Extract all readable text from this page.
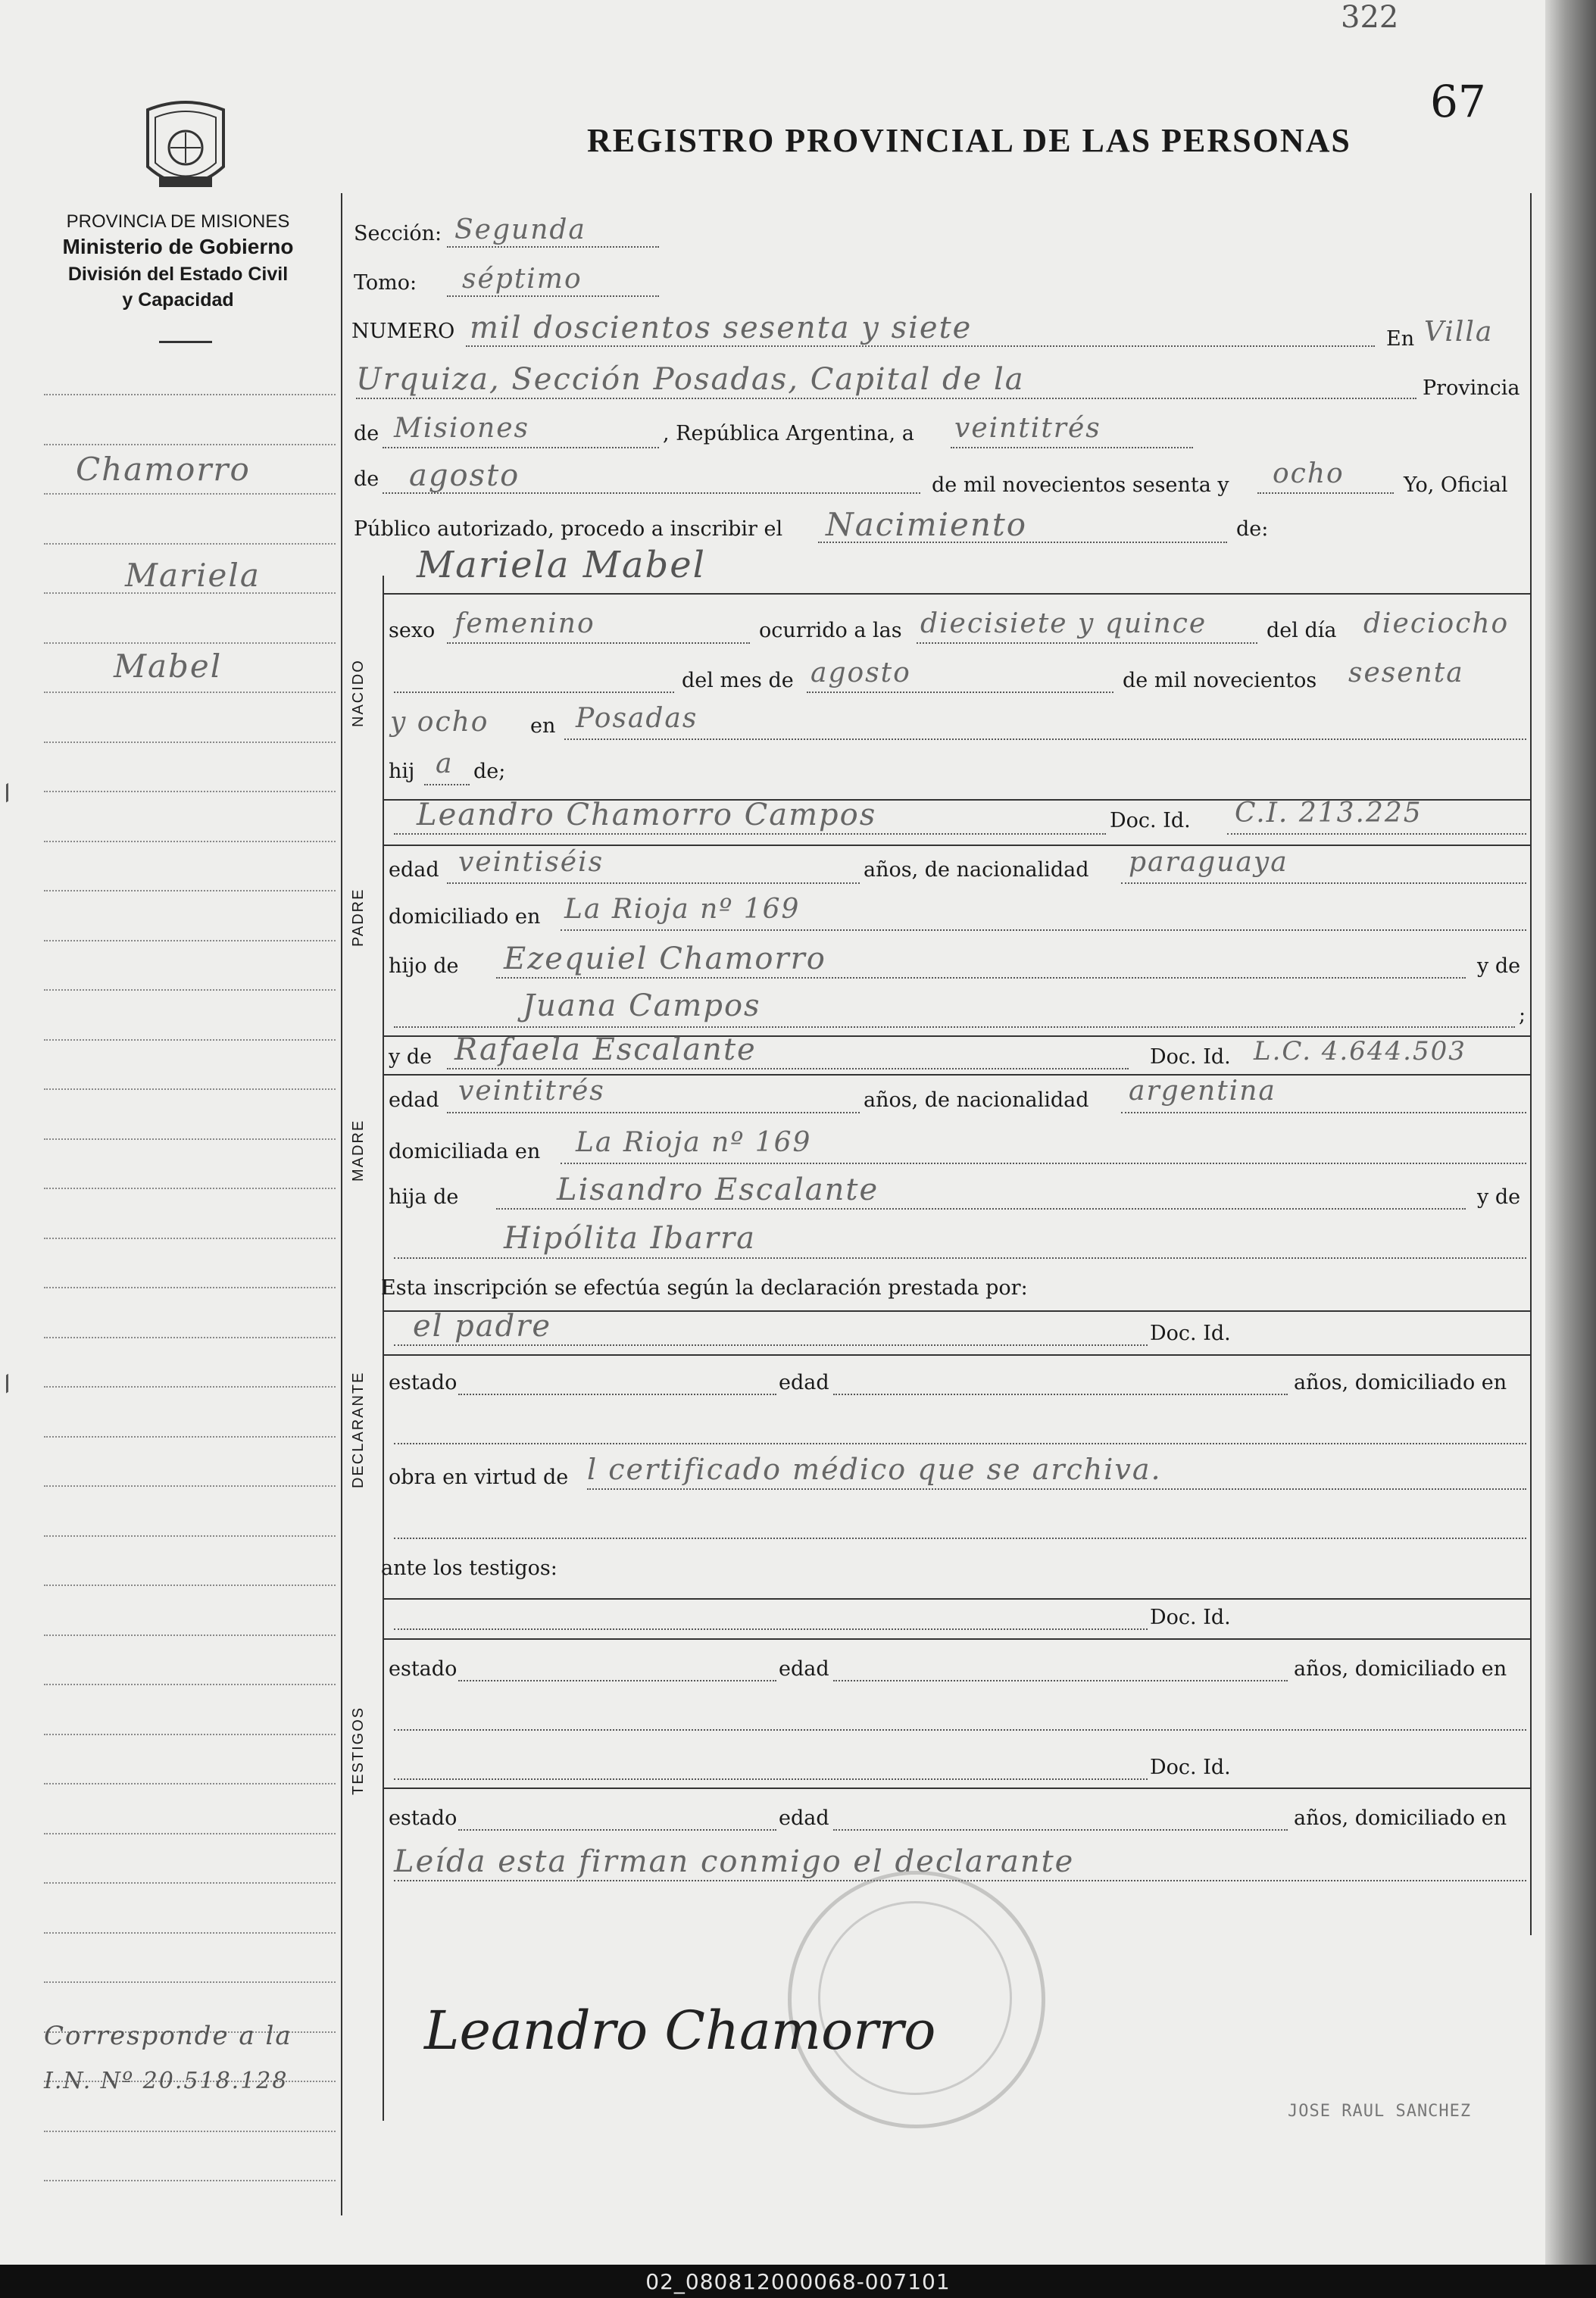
322
67
REGISTRO PROVINCIAL DE LAS PERSONAS
PROVINCIA DE MISIONES
Ministerio de Gobierno
División del Estado Civil
y Capacidad
Chamorro
Mariela
Mabel
Corresponde a la
I.N. Nº 20.518.128
Sección: Segunda
Tomo: séptimo
NUMERO mil doscientos sesenta y siete	En Villa
Urquiza, Sección Posadas, Capital de la	Provincia
de Misiones	, República Argentina, a veintitrés
de agosto	de mil novecientos sesenta y ocho	Yo, Oficial
Público autorizado, procedo a inscribir el Nacimiento	de:
Mariela Mabel
NACIDO
sexo femenino	ocurrido a las diecisiete y quince	del día dieciocho
del mes de agosto	de mil novecientos sesenta
y ocho en Posadas
hij a de;
Leandro Chamorro Campos	Doc. Id. C.I. 213.225
PADRE
edad veintiséis	años, de nacionalidad paraguaya
domiciliado en La Rioja nº 169
hijo de Ezequiel Chamorro	y de
Juana Campos	;
y de Rafaela Escalante	Doc. Id. L.C. 4.644.503
MADRE
edad veintitrés	años, de nacionalidad argentina
domiciliada en La Rioja nº 169
hija de	Lisandro Escalante	y de
Hipólita Ibarra
Esta inscripción se efectúa según la declaración prestada por:
el padre	Doc. Id.
DECLARANTE estado	edad	años, domiciliado en
obra en virtud de l certificado médico que se archiva.
ante los testigos:
Doc. Id.
TESTIGOS
estado	edad	años, domiciliado en
Doc. Id.
estado	edad	años, domiciliado en
Leída esta firman conmigo el declarante
Leandro Chamorro
JOSE RAUL SANCHEZ
02_080812000068-007101
